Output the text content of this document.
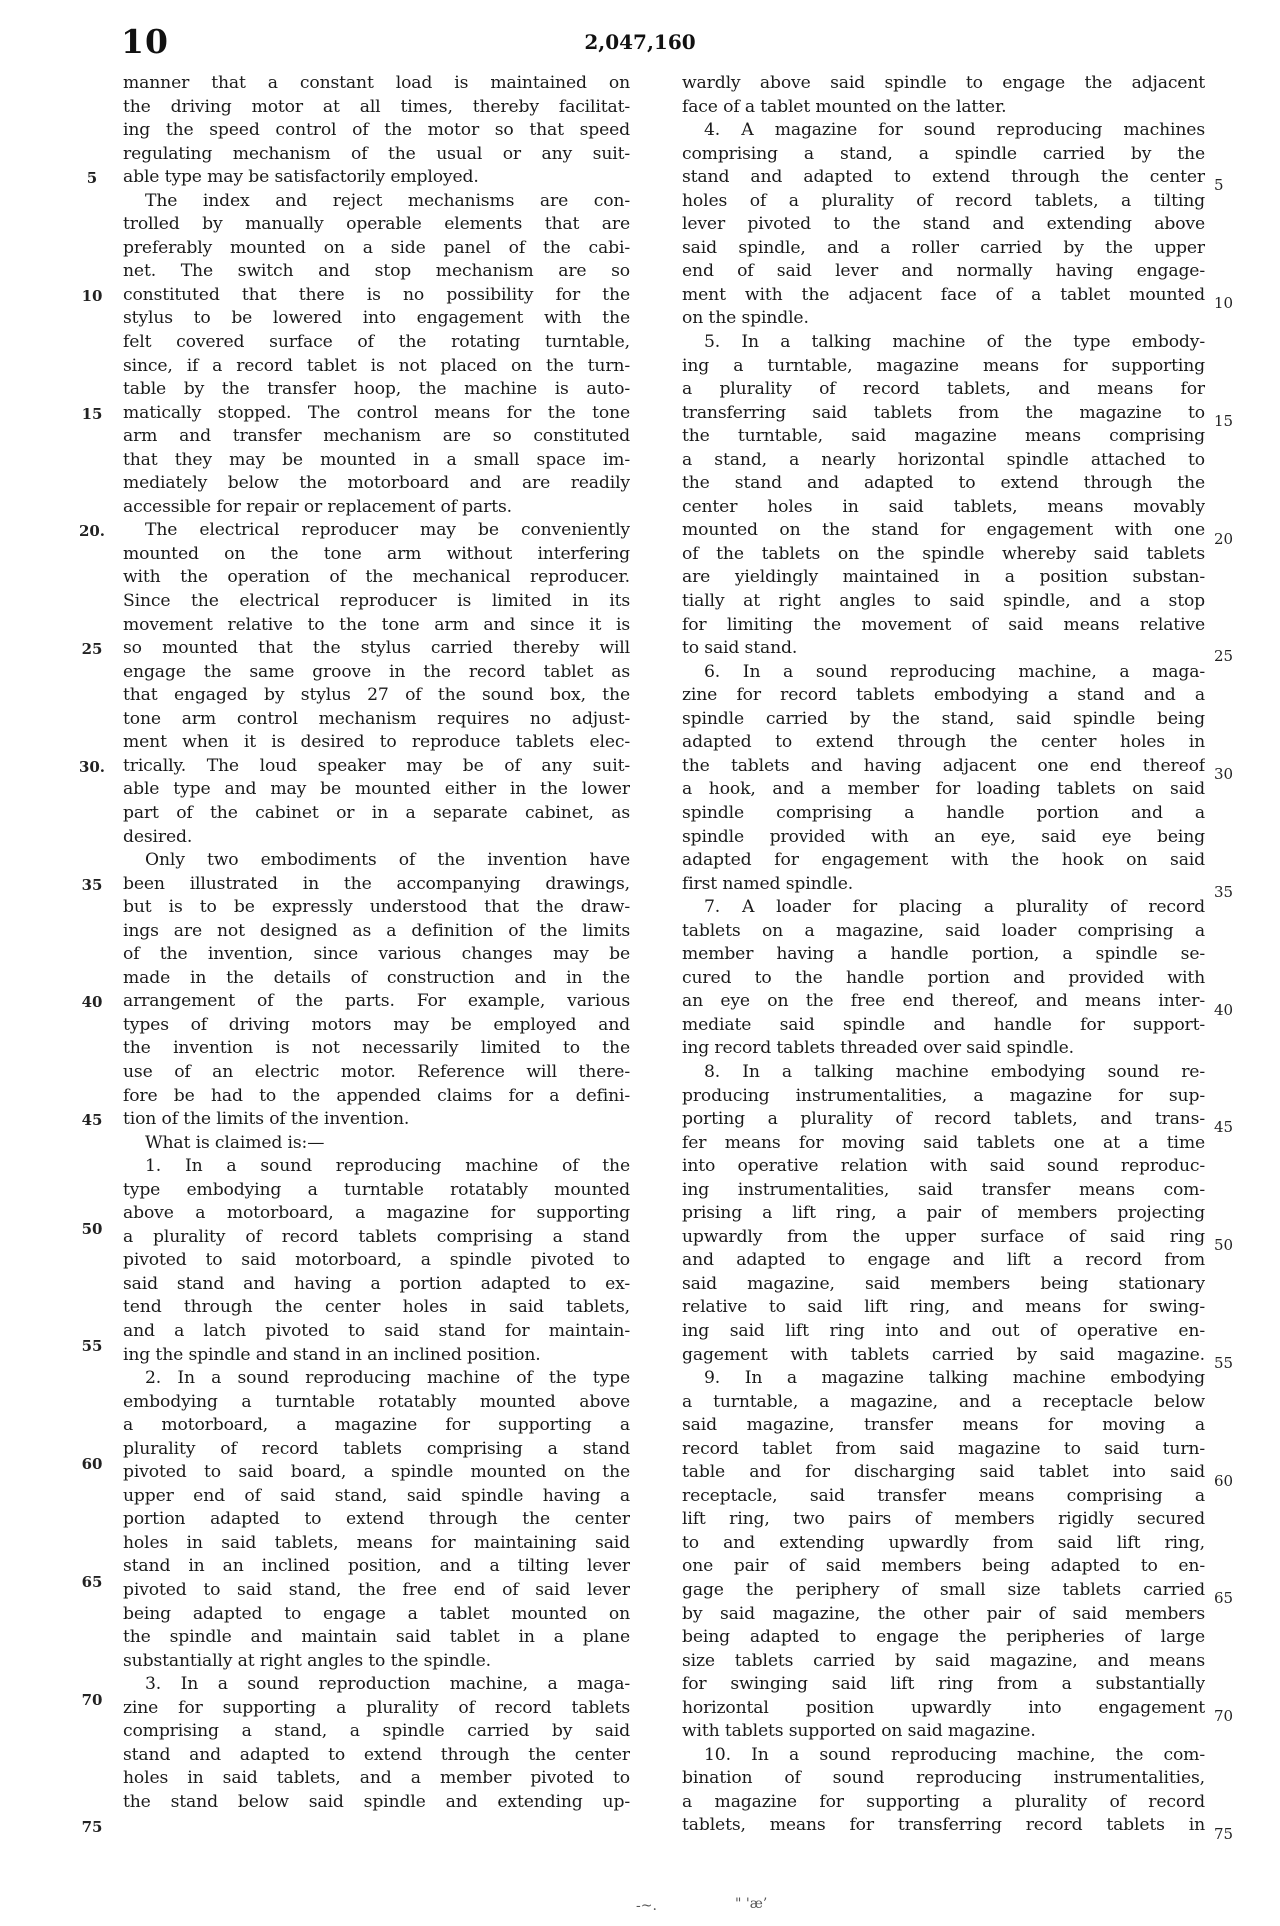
10	2,047,160
manner that a constant load is maintained on
the driving motor at all times, thereby facilitat-
ing the speed control of the motor so that speed
regulating mechanism of the usual or any suit-
able type may be satisfactorily employed.
The index and reject mechanisms are con-
trolled by manually operable elements that are
preferably mounted on a side panel of the cabi-
net. The switch and stop mechanism are so
constituted that there is no possibility for the
stylus to be lowered into engagement with the
felt covered surface of the rotating turntable,
since, if a record tablet is not placed on the turn-
table by the transfer hoop, the machine is auto-
matically stopped. The control means for the tone
arm and transfer mechanism are so constituted
that they may be mounted in a small space im-
mediately below the motorboard and are readily
accessible for repair or replacement of parts.
The electrical reproducer may be conveniently
mounted on the tone arm without interfering
with the operation of the mechanical reproducer.
Since the electrical reproducer is limited in its
movement relative to the tone arm and since it is
so mounted that the stylus carried thereby will
engage the same groove in the record tablet as
that engaged by stylus 27 of the sound box, the
tone arm control mechanism requires no adjust-
ment when it is desired to reproduce tablets elec-
trically. The loud speaker may be of any suit-
able type and may be mounted either in the lower
part of the cabinet or in a separate cabinet, as
desired.
Only two embodiments of the invention have
been illustrated in the accompanying drawings,
but is to be expressly understood that the draw-
ings are not designed as a definition of the limits
of the invention, since various changes may be
made in the details of construction and in the
arrangement of the parts. For example, various
types of driving motors may be employed and
the invention is not necessarily limited to the
use of an electric motor. Reference will there-
fore be had to the appended claims for a defini-
tion of the limits of the invention.
What is claimed is:—
1. In a sound reproducing machine of the
type embodying a turntable rotatably mounted
above a motorboard, a magazine for supporting
a plurality of record tablets comprising a stand
pivoted to said motorboard, a spindle pivoted to
said stand and having a portion adapted to ex-
tend through the center holes in said tablets,
and a latch pivoted to said stand for maintain-
ing the spindle and stand in an inclined position.
2. In a sound reproducing machine of the type
embodying a turntable rotatably mounted above
a motorboard, a magazine for supporting a
plurality of record tablets comprising a stand
pivoted to said board, a spindle mounted on the
upper end of said stand, said spindle having a
portion adapted to extend through the center
holes in said tablets, means for maintaining said
stand in an inclined position, and a tilting lever
pivoted to said stand, the free end of said lever
being adapted to engage a tablet mounted on
the spindle and maintain said tablet in a plane
substantially at right angles to the spindle.
3. In a sound reproduction machine, a maga-
zine for supporting a plurality of record tablets
comprising a stand, a spindle carried by said
stand and adapted to extend through the center
holes in said tablets, and a member pivoted to
the stand below said spindle and extending up-
wardly above said spindle to engage the adjacent
face of a tablet mounted on the latter.
4. A magazine for sound reproducing machines
comprising a stand, a spindle carried by the
stand and adapted to extend through the center
holes of a plurality of record tablets, a tilting
lever pivoted to the stand and extending above
said spindle, and a roller carried by the upper
end of said lever and normally having engage-
ment with the adjacent face of a tablet mounted
on the spindle.
5. In a talking machine of the type embody-
ing a turntable, magazine means for supporting
a plurality of record tablets, and means for
transferring said tablets from the magazine to
the turntable, said magazine means comprising
a stand, a nearly horizontal spindle attached to
the stand and adapted to extend through the
center holes in said tablets, means movably
mounted on the stand for engagement with one
of the tablets on the spindle whereby said tablets
are yieldingly maintained in a position substan-
tially at right angles to said spindle, and a stop
for limiting the movement of said means relative
to said stand.
6. In a sound reproducing machine, a maga-
zine for record tablets embodying a stand and a
spindle carried by the stand, said spindle being
adapted to extend through the center holes in
the tablets and having adjacent one end thereof
a hook, and a member for loading tablets on said
spindle comprising a handle portion and a
spindle provided with an eye, said eye being
adapted for engagement with the hook on said
first named spindle.
7. A loader for placing a plurality of record
tablets on a magazine, said loader comprising a
member having a handle portion, a spindle se-
cured to the handle portion and provided with
an eye on the free end thereof, and means inter-
mediate said spindle and handle for support-
ing record tablets threaded over said spindle.
8. In a talking machine embodying sound re-
producing instrumentalities, a magazine for sup-
porting a plurality of record tablets, and trans-
fer means for moving said tablets one at a time
into operative relation with said sound reproduc-
ing instrumentalities, said transfer means com-
prising a lift ring, a pair of members projecting
upwardly from the upper surface of said ring
and adapted to engage and lift a record from
said magazine, said members being stationary
relative to said lift ring, and means for swing-
ing said lift ring into and out of operative en-
gagement with tablets carried by said magazine.
9. In a magazine talking machine embodying
a turntable, a magazine, and a receptacle below
said magazine, transfer means for moving a
record tablet from said magazine to said turn-
table and for discharging said tablet into said
receptacle, said transfer means comprising a
lift ring, two pairs of members rigidly secured
to and extending upwardly from said lift ring,
one pair of said members being adapted to en-
gage the periphery of small size tablets carried
by said magazine, the other pair of said members
being adapted to engage the peripheries of large
size tablets carried by said magazine, and means
for swinging said lift ring from a substantially
horizontal position upwardly into engagement
with tablets supported on said magazine.
10. In a sound reproducing machine, the com-
bination of sound reproducing instrumentalities,
a magazine for supporting a plurality of record
tablets, means for transferring record tablets in
5
10
15
20.
25
30.
35
40
45
50
55
60
65
70
75
5
10
15
20
25
30
35
40
45
50
55
60
65
70
75
-~.	" 'æ’
